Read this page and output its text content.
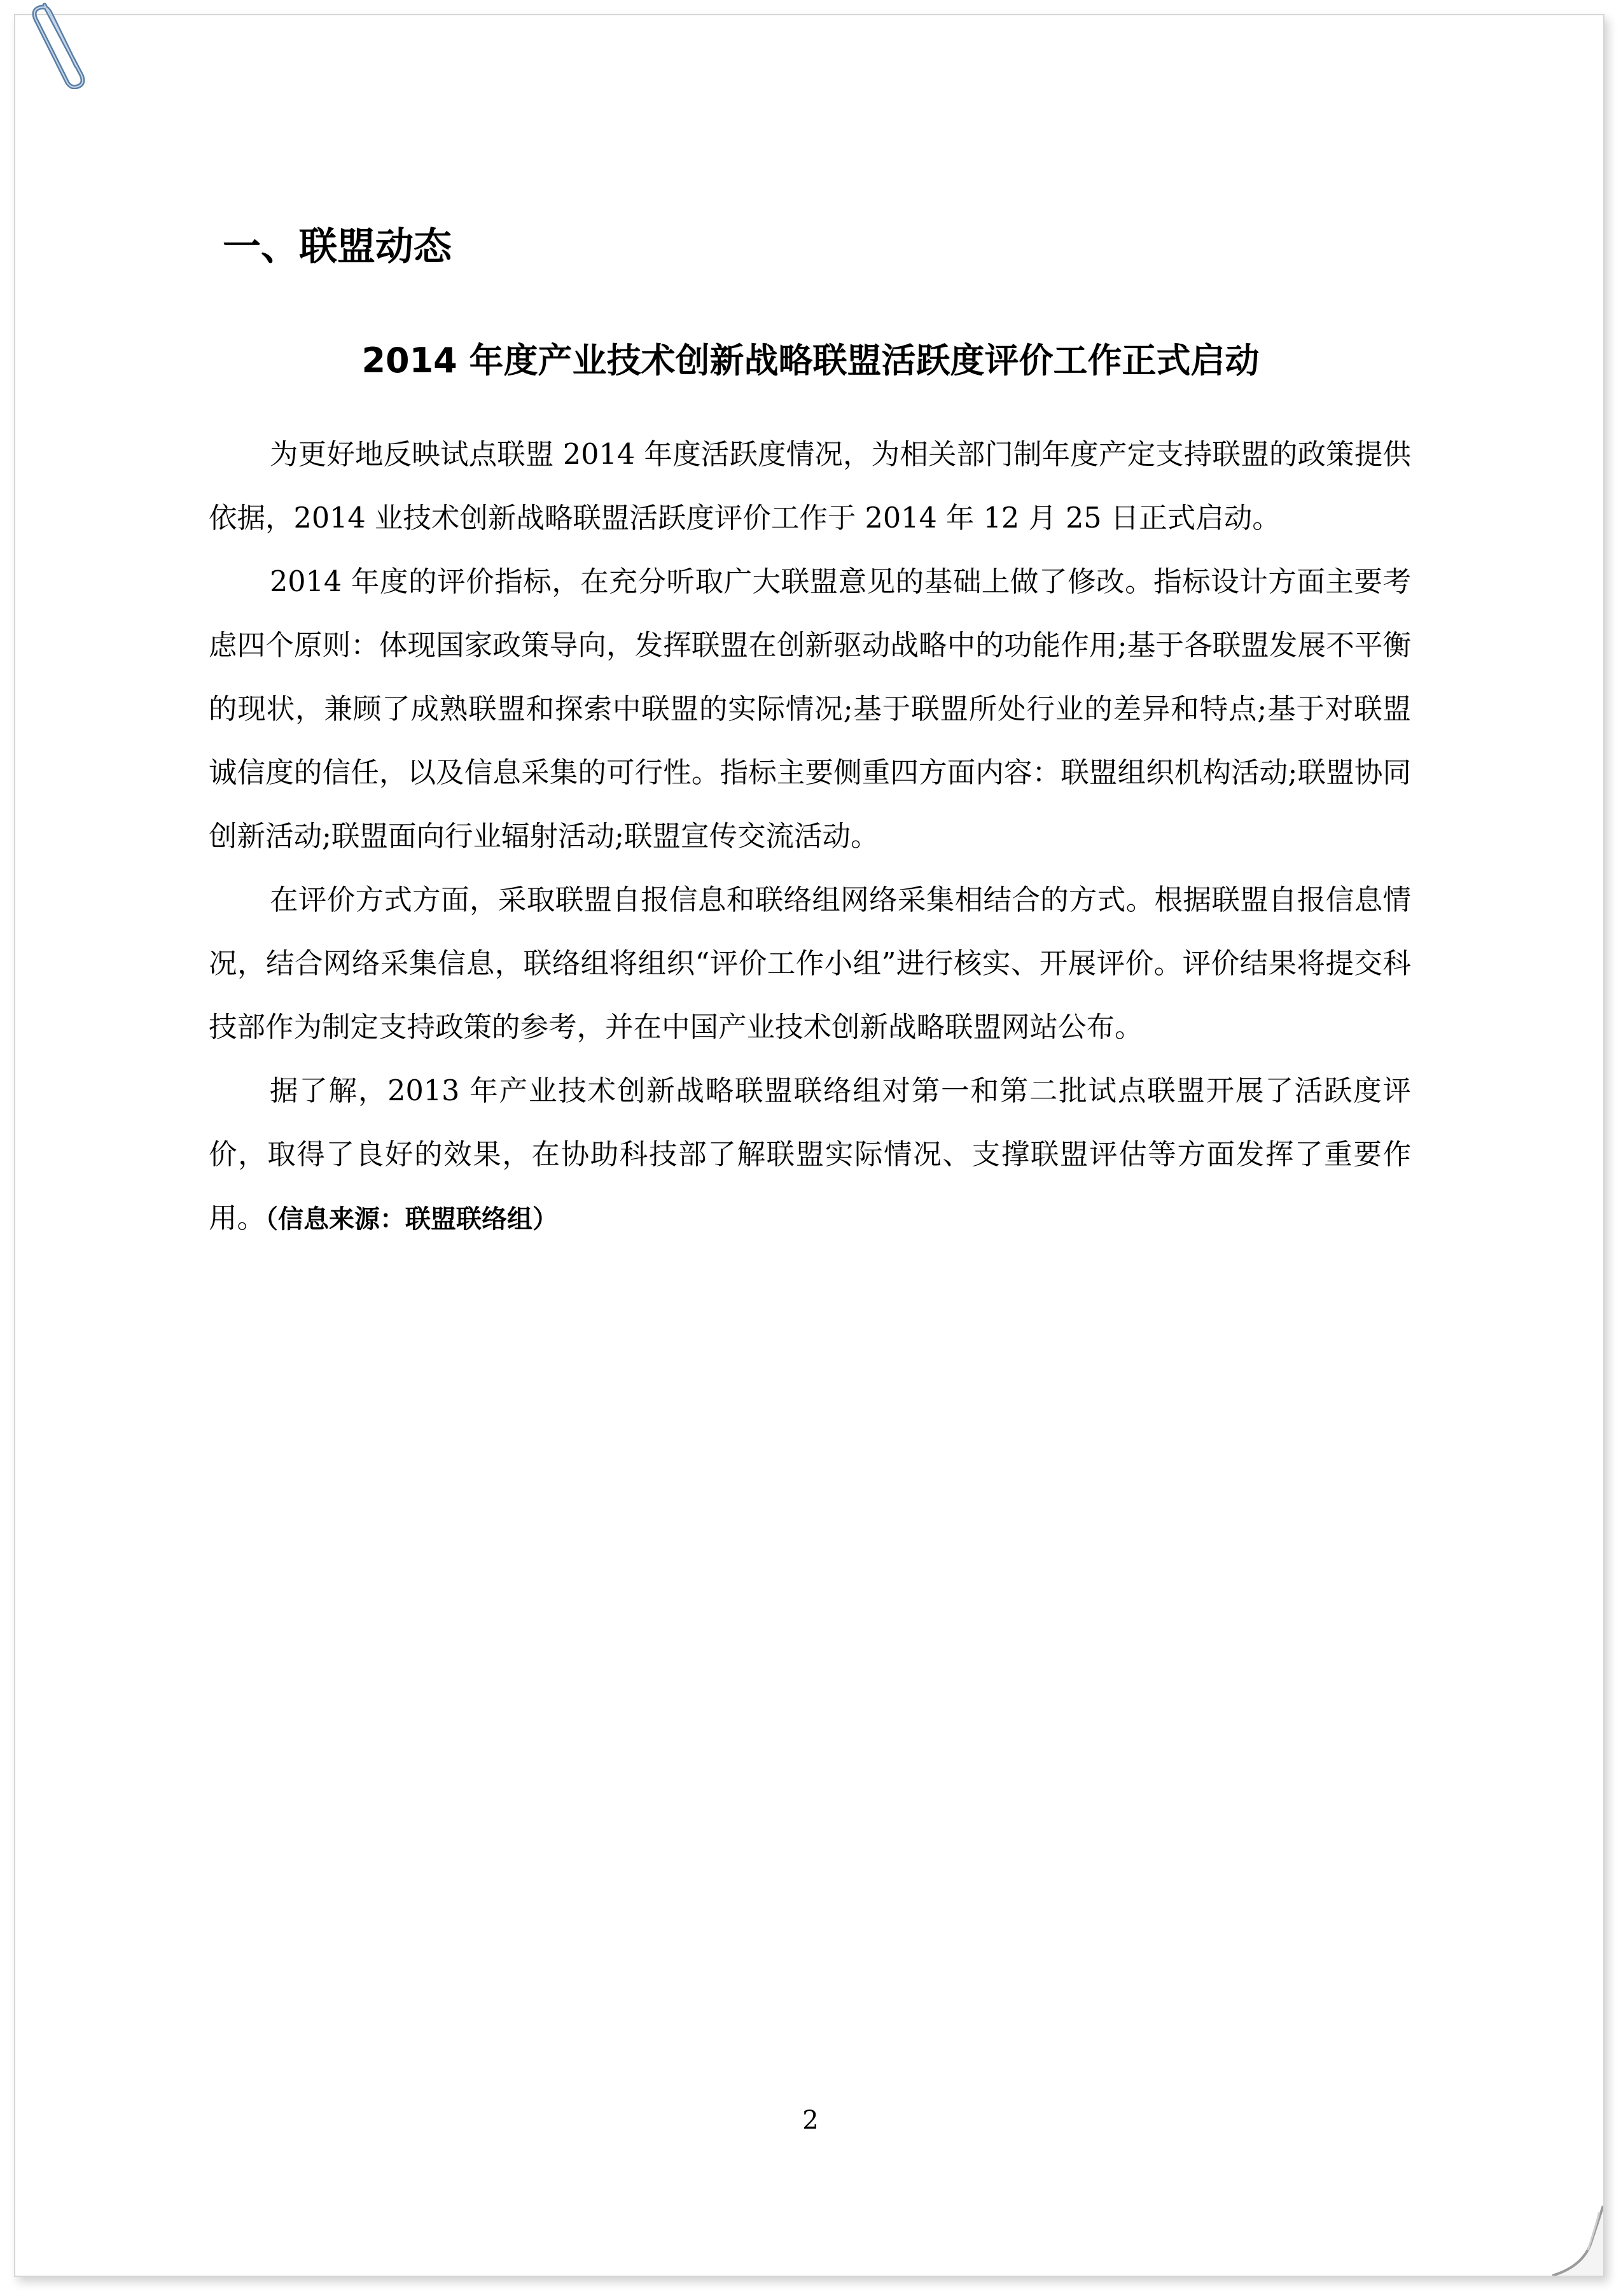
一、联盟动态
2014 年度产业技术创新战略联盟活跃度评价工作正式启动

为更好地反映试点联盟 2014 年度活跃度情况，为相关部门制年度产定支持联盟的政策提供依据，2014 业技术创新战略联盟活跃度评价工作于 2014 年 12 月 25 日正式启动。

2014 年度的评价指标，在充分听取广大联盟意见的基础上做了修改。指标设计方面主要考虑四个原则：体现国家政策导向，发挥联盟在创新驱动战略中的功能作用;基于各联盟发展不平衡的现状，兼顾了成熟联盟和探索中联盟的实际情况;基于联盟所处行业的差异和特点;基于对联盟诚信度的信任，以及信息采集的可行性。指标主要侧重四方面内容：联盟组织机构活动;联盟协同创新活动;联盟面向行业辐射活动;联盟宣传交流活动。

在评价方式方面，采取联盟自报信息和联络组网络采集相结合的方式。根据联盟自报信息情况，结合网络采集信息，联络组将组织“评价工作小组”进行核实、开展评价。评价结果将提交科技部作为制定支持政策的参考，并在中国产业技术创新战略联盟网站公布。

据了解，2013 年产业技术创新战略联盟联络组对第一和第二批试点联盟开展了活跃度评价，取得了良好的效果，在协助科技部了解联盟实际情况、支撑联盟评估等方面发挥了重要作用。（信息来源：联盟联络组）

2
